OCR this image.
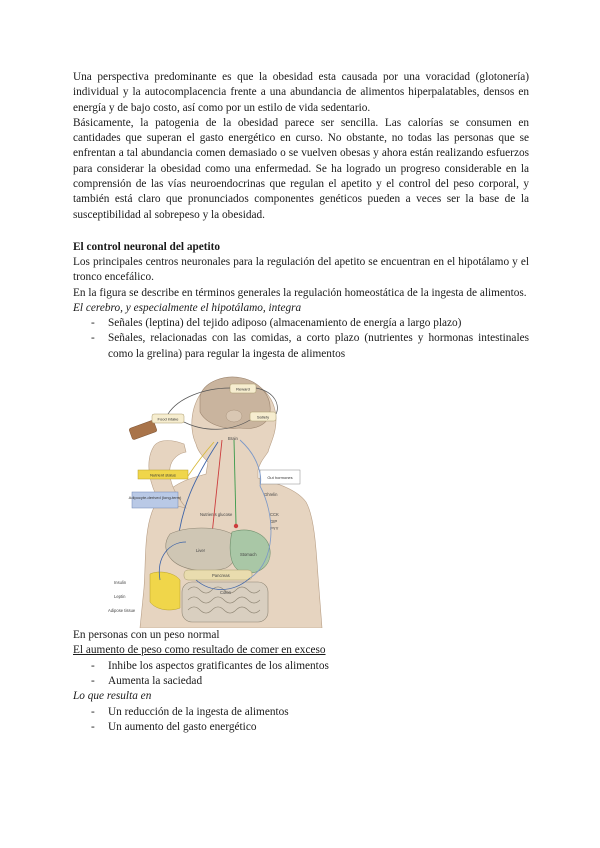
Una perspectiva predominante es que la obesidad esta causada por una voracidad (glotonería) individual y la autocomplacencia frente a una abundancia de alimentos hiperpalatables, densos en energía y de bajo costo, así como por un estilo de vida sedentario.

Básicamente, la patogenia de la obesidad parece ser sencilla. Las calorías se consumen en cantidades que superan el gasto energético en curso. No obstante, no todas las personas que se enfrentan a tal abundancia comen demasiado o se vuelven obesas y ahora están realizando esfuerzos para considerar la obesidad como una enfermedad. Se ha logrado un progreso considerable en la comprensión de las vías neuroendocrinas que regulan el apetito y el control del peso corporal, y también está claro que pronunciados componentes genéticos pueden a veces ser la base de la susceptibilidad al sobrepeso y la obesidad.

El control neuronal del apetito

Los principales centros neuronales para la regulación del apetito se encuentran en el hipotálamo y el tronco encefálico.

En la figura se describe en términos generales la regulación homeostática de la ingesta de alimentos.

El cerebro, y especialmente el hipotálamo, integra

- Señales (leptina) del tejido adiposo (almacenamiento de energía a largo plazo)
- Señales, relacionadas con las comidas, a corto plazo (nutrientes y hormonas intestinales como la grelina) para regular la ingesta de alimentos
Reward
Food intake	Satiety
Brain
Nutrient status
Adipocyte-derived (long-term)
Gut hormones
Ghrelin
CCK
GIP
PYY
Nutrients glucose
Liver
Stomach
Pancreas
Colon
Insulin
Leptin
Adipose tissue

En personas con un peso normal

El aumento de peso como resultado de comer en exceso

- Inhibe los aspectos gratificantes de los alimentos
- Aumenta la saciedad

Lo que resulta en

- Un reducción de la ingesta de alimentos
- Un aumento del gasto energético
